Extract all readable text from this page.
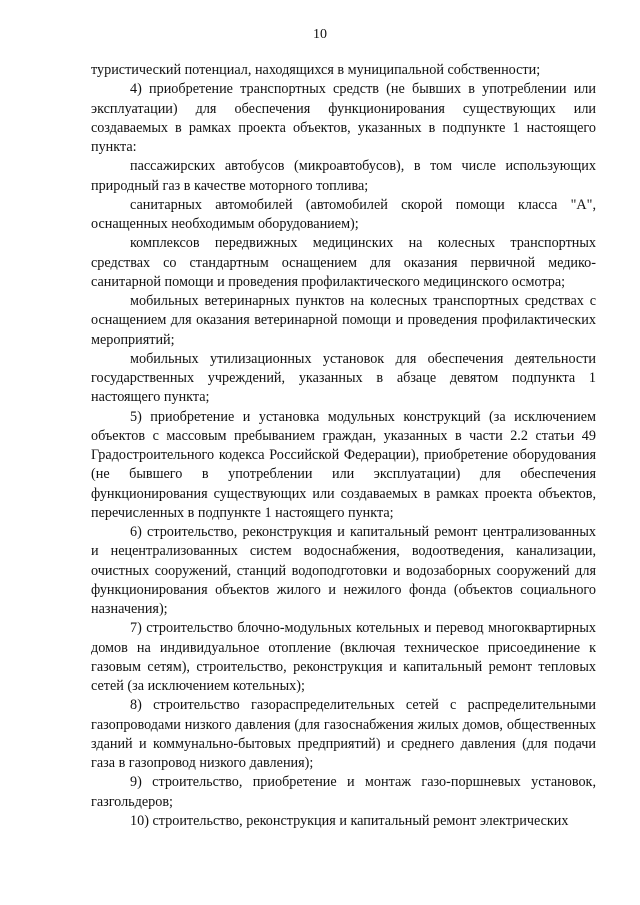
10

туристический потенциал, находящихся в муниципальной собственности;

4) приобретение транспортных средств (не бывших в употреблении или эксплуатации) для обеспечения функционирования существующих или создаваемых в рамках проекта объектов, указанных в подпункте 1 настоящего пункта:

пассажирских автобусов (микроавтобусов), в том числе использующих природный газ в качестве моторного топлива;

санитарных автомобилей (автомобилей скорой помощи класса "А", оснащенных необходимым оборудованием);

комплексов передвижных медицинских на колесных транспортных средствах со стандартным оснащением для оказания первичной медико-санитарной помощи и проведения профилактического медицинского осмотра;

мобильных ветеринарных пунктов на колесных транспортных средствах с оснащением для оказания ветеринарной помощи и проведения профилактических мероприятий;

мобильных утилизационных установок для обеспечения деятельности государственных учреждений, указанных в абзаце девятом подпункта 1 настоящего пункта;

5) приобретение и установка модульных конструкций (за исключением объектов с массовым пребыванием граждан, указанных в части 2.2 статьи 49 Градостроительного кодекса Российской Федерации), приобретение оборудования (не бывшего в употреблении или эксплуатации) для обеспечения функционирования существующих или создаваемых в рамках проекта объектов, перечисленных в подпункте 1 настоящего пункта;

6) строительство, реконструкция и капитальный ремонт централизованных и нецентрализованных систем водоснабжения, водоотведения, канализации, очистных сооружений, станций водоподготовки и водозаборных сооружений для функционирования объектов жилого и нежилого фонда (объектов социального назначения);

7) строительство блочно-модульных котельных и перевод многоквартирных домов на индивидуальное отопление (включая техническое присоединение к газовым сетям), строительство, реконструкция и капитальный ремонт тепловых сетей (за исключением котельных);

8) строительство газораспределительных сетей с распределительными газопроводами низкого давления (для газоснабжения жилых домов, общественных зданий и коммунально-бытовых предприятий) и среднего давления (для подачи газа в газопровод низкого давления);

9) строительство, приобретение и монтаж газо-поршневых установок, газгольдеров;

10) строительство, реконструкция и капитальный ремонт электрических
